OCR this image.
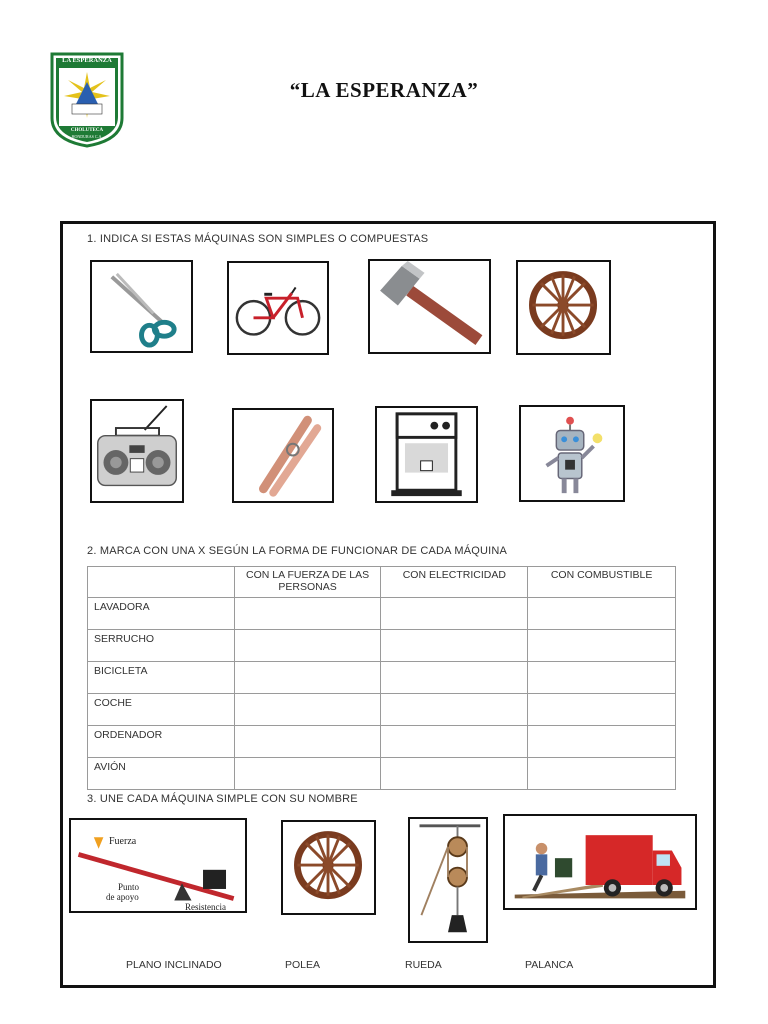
LA ESPERANZA
CHOLUTECA
HONDURAS C.A.
“LA ESPERANZA”
1. INDICA SI ESTAS MÁQUINAS SON SIMPLES O COMPUESTAS
2. MARCA CON UNA X SEGÚN LA FORMA DE FUNCIONAR DE CADA MÁQUINA
	CON LA FUERZA DE LAS PERSONAS	CON ELECTRICIDAD	CON COMBUSTIBLE
LAVADORA			
SERRUCHO			
BICICLETA			
COCHE			
ORDENADOR			
AVIÓN			
3. UNE CADA MÁQUINA SIMPLE CON SU NOMBRE
Fuerza
Punto
de apoyo
Resistencia
PLANO INCLINADO	POLEA	RUEDA	PALANCA
